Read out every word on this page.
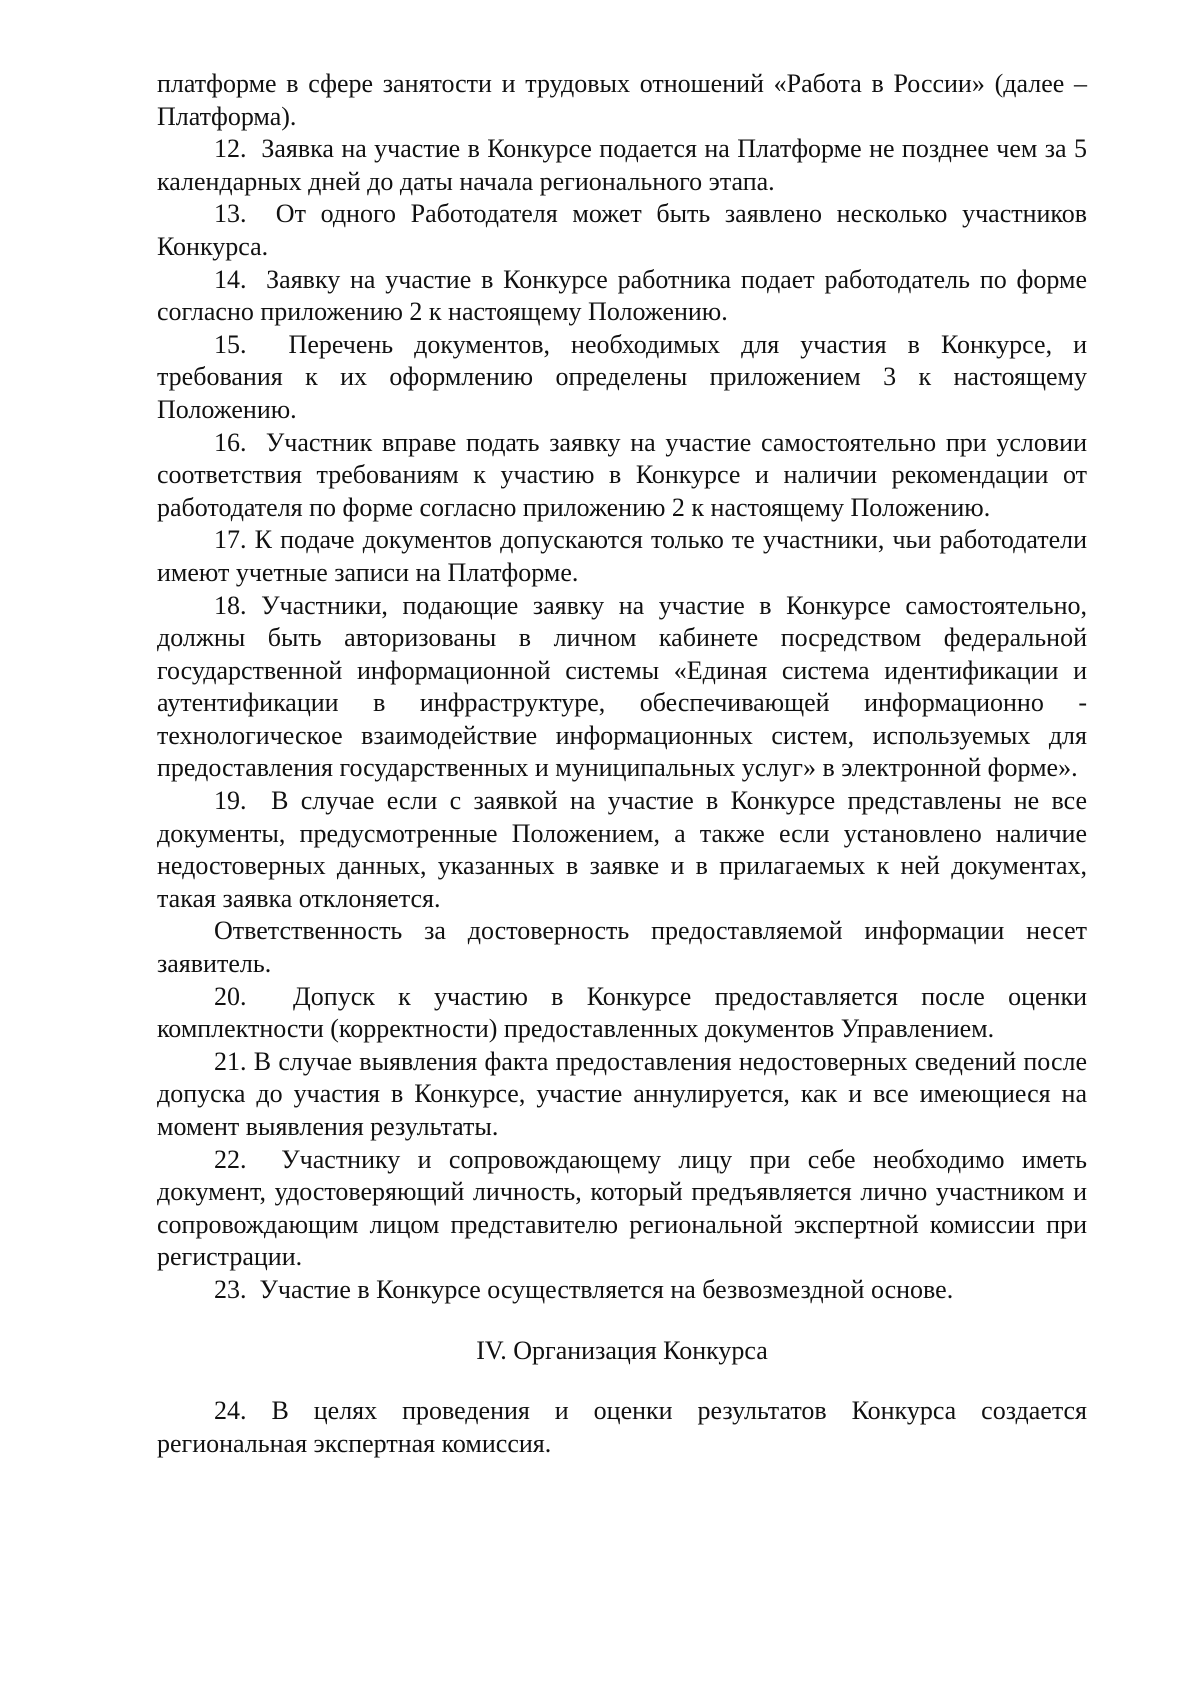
платформе в сфере занятости и трудовых отношений «Работа в России» (далее – Платформа).

12. Заявка на участие в Конкурсе подается на Платформе не позднее чем за 5 календарных дней до даты начала регионального этапа.

13. От одного Работодателя может быть заявлено несколько участников Конкурса.

14. Заявку на участие в Конкурсе работника подает работодатель по форме согласно приложению 2 к настоящему Положению.

15. Перечень документов, необходимых для участия в Конкурсе, и требования к их оформлению определены приложением 3 к настоящему Положению.

16. Участник вправе подать заявку на участие самостоятельно при условии соответствия требованиям к участию в Конкурсе и наличии рекомендации от работодателя по форме согласно приложению 2 к настоящему Положению.

17. К подаче документов допускаются только те участники, чьи работодатели имеют учетные записи на Платформе.

18. Участники, подающие заявку на участие в Конкурсе самостоятельно, должны быть авторизованы в личном кабинете посредством федеральной государственной информационной системы «Единая система идентификации и аутентификации в инфраструктуре, обеспечивающей информационно - технологическое взаимодействие информационных систем, используемых для предоставления государственных и муниципальных услуг» в электронной форме».

19. В случае если с заявкой на участие в Конкурсе представлены не все документы, предусмотренные Положением, а также если установлено наличие недостоверных данных, указанных в заявке и в прилагаемых к ней документах, такая заявка отклоняется.

Ответственность за достоверность предоставляемой информации несет заявитель.

20. Допуск к участию в Конкурсе предоставляется после оценки комплектности (корректности) предоставленных документов Управлением.

21. В случае выявления факта предоставления недостоверных сведений после допуска до участия в Конкурсе, участие аннулируется, как и все имеющиеся на момент выявления результаты.

22. Участнику и сопровождающему лицу при себе необходимо иметь документ, удостоверяющий личность, который предъявляется лично участником и сопровождающим лицом представителю региональной экспертной комиссии при регистрации.

23. Участие в Конкурсе осуществляется на безвозмездной основе.

IV. Организация Конкурса

24. В целях проведения и оценки результатов Конкурса создается региональная экспертная комиссия.
